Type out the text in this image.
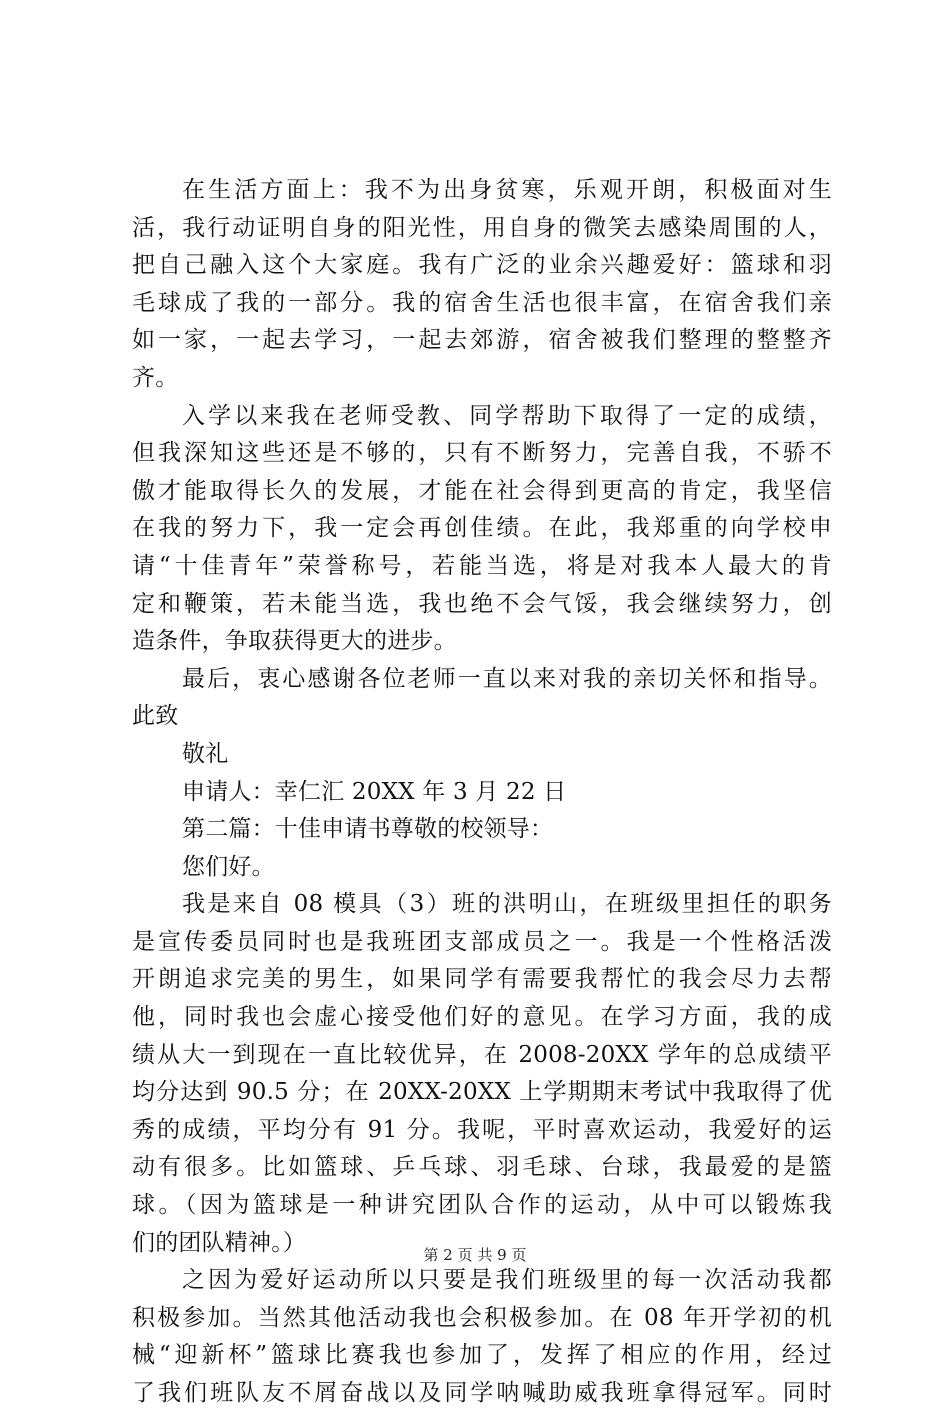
在生活方面上：我不为出身贫寒，乐观开朗，积极面对生
活，我行动证明自身的阳光性，用自身的微笑去感染周围的人，
把自己融入这个大家庭。我有广泛的业余兴趣爱好：篮球和羽
毛球成了我的一部分。我的宿舍生活也很丰富，在宿舍我们亲
如一家，一起去学习，一起去郊游，宿舍被我们整理的整整齐
齐。
入学以来我在老师受教、同学帮助下取得了一定的成绩，
但我深知这些还是不够的，只有不断努力，完善自我，不骄不
傲才能取得长久的发展，才能在社会得到更高的肯定，我坚信
在我的努力下，我一定会再创佳绩。在此，我郑重的向学校申
请“十佳青年”荣誉称号，若能当选，将是对我本人最大的肯
定和鞭策，若未能当选，我也绝不会气馁，我会继续努力，创
造条件，争取获得更大的进步。
最后，衷心感谢各位老师一直以来对我的亲切关怀和指导。
此致
敬礼
申请人：幸仁汇 20XX 年 3 月 22 日
第二篇：十佳申请书尊敬的校领导：
您们好。
我是来自 08 模具（3）班的洪明山，在班级里担任的职务
是宣传委员同时也是我班团支部成员之一。我是一个性格活泼
开朗追求完美的男生，如果同学有需要我帮忙的我会尽力去帮
他，同时我也会虚心接受他们好的意见。在学习方面，我的成
绩从大一到现在一直比较优异，在 2008-20XX 学年的总成绩平
均分达到 90.5 分；在 20XX-20XX 上学期期末考试中我取得了优
秀的成绩，平均分有 91 分。我呢，平时喜欢运动，我爱好的运
动有很多。比如篮球、乒乓球、羽毛球、台球，我最爱的是篮
球。（因为篮球是一种讲究团队合作的运动，从中可以锻炼我
们的团队精神。）
之因为爱好运动所以只要是我们班级里的每一次活动我都
积极参加。当然其他活动我也会积极参加。在 08 年开学初的机
械“迎新杯”篮球比赛我也参加了，发挥了相应的作用，经过
了我们班队友不屑奋战以及同学呐喊助威我班拿得冠军。同时
第 2 页 共 9 页
